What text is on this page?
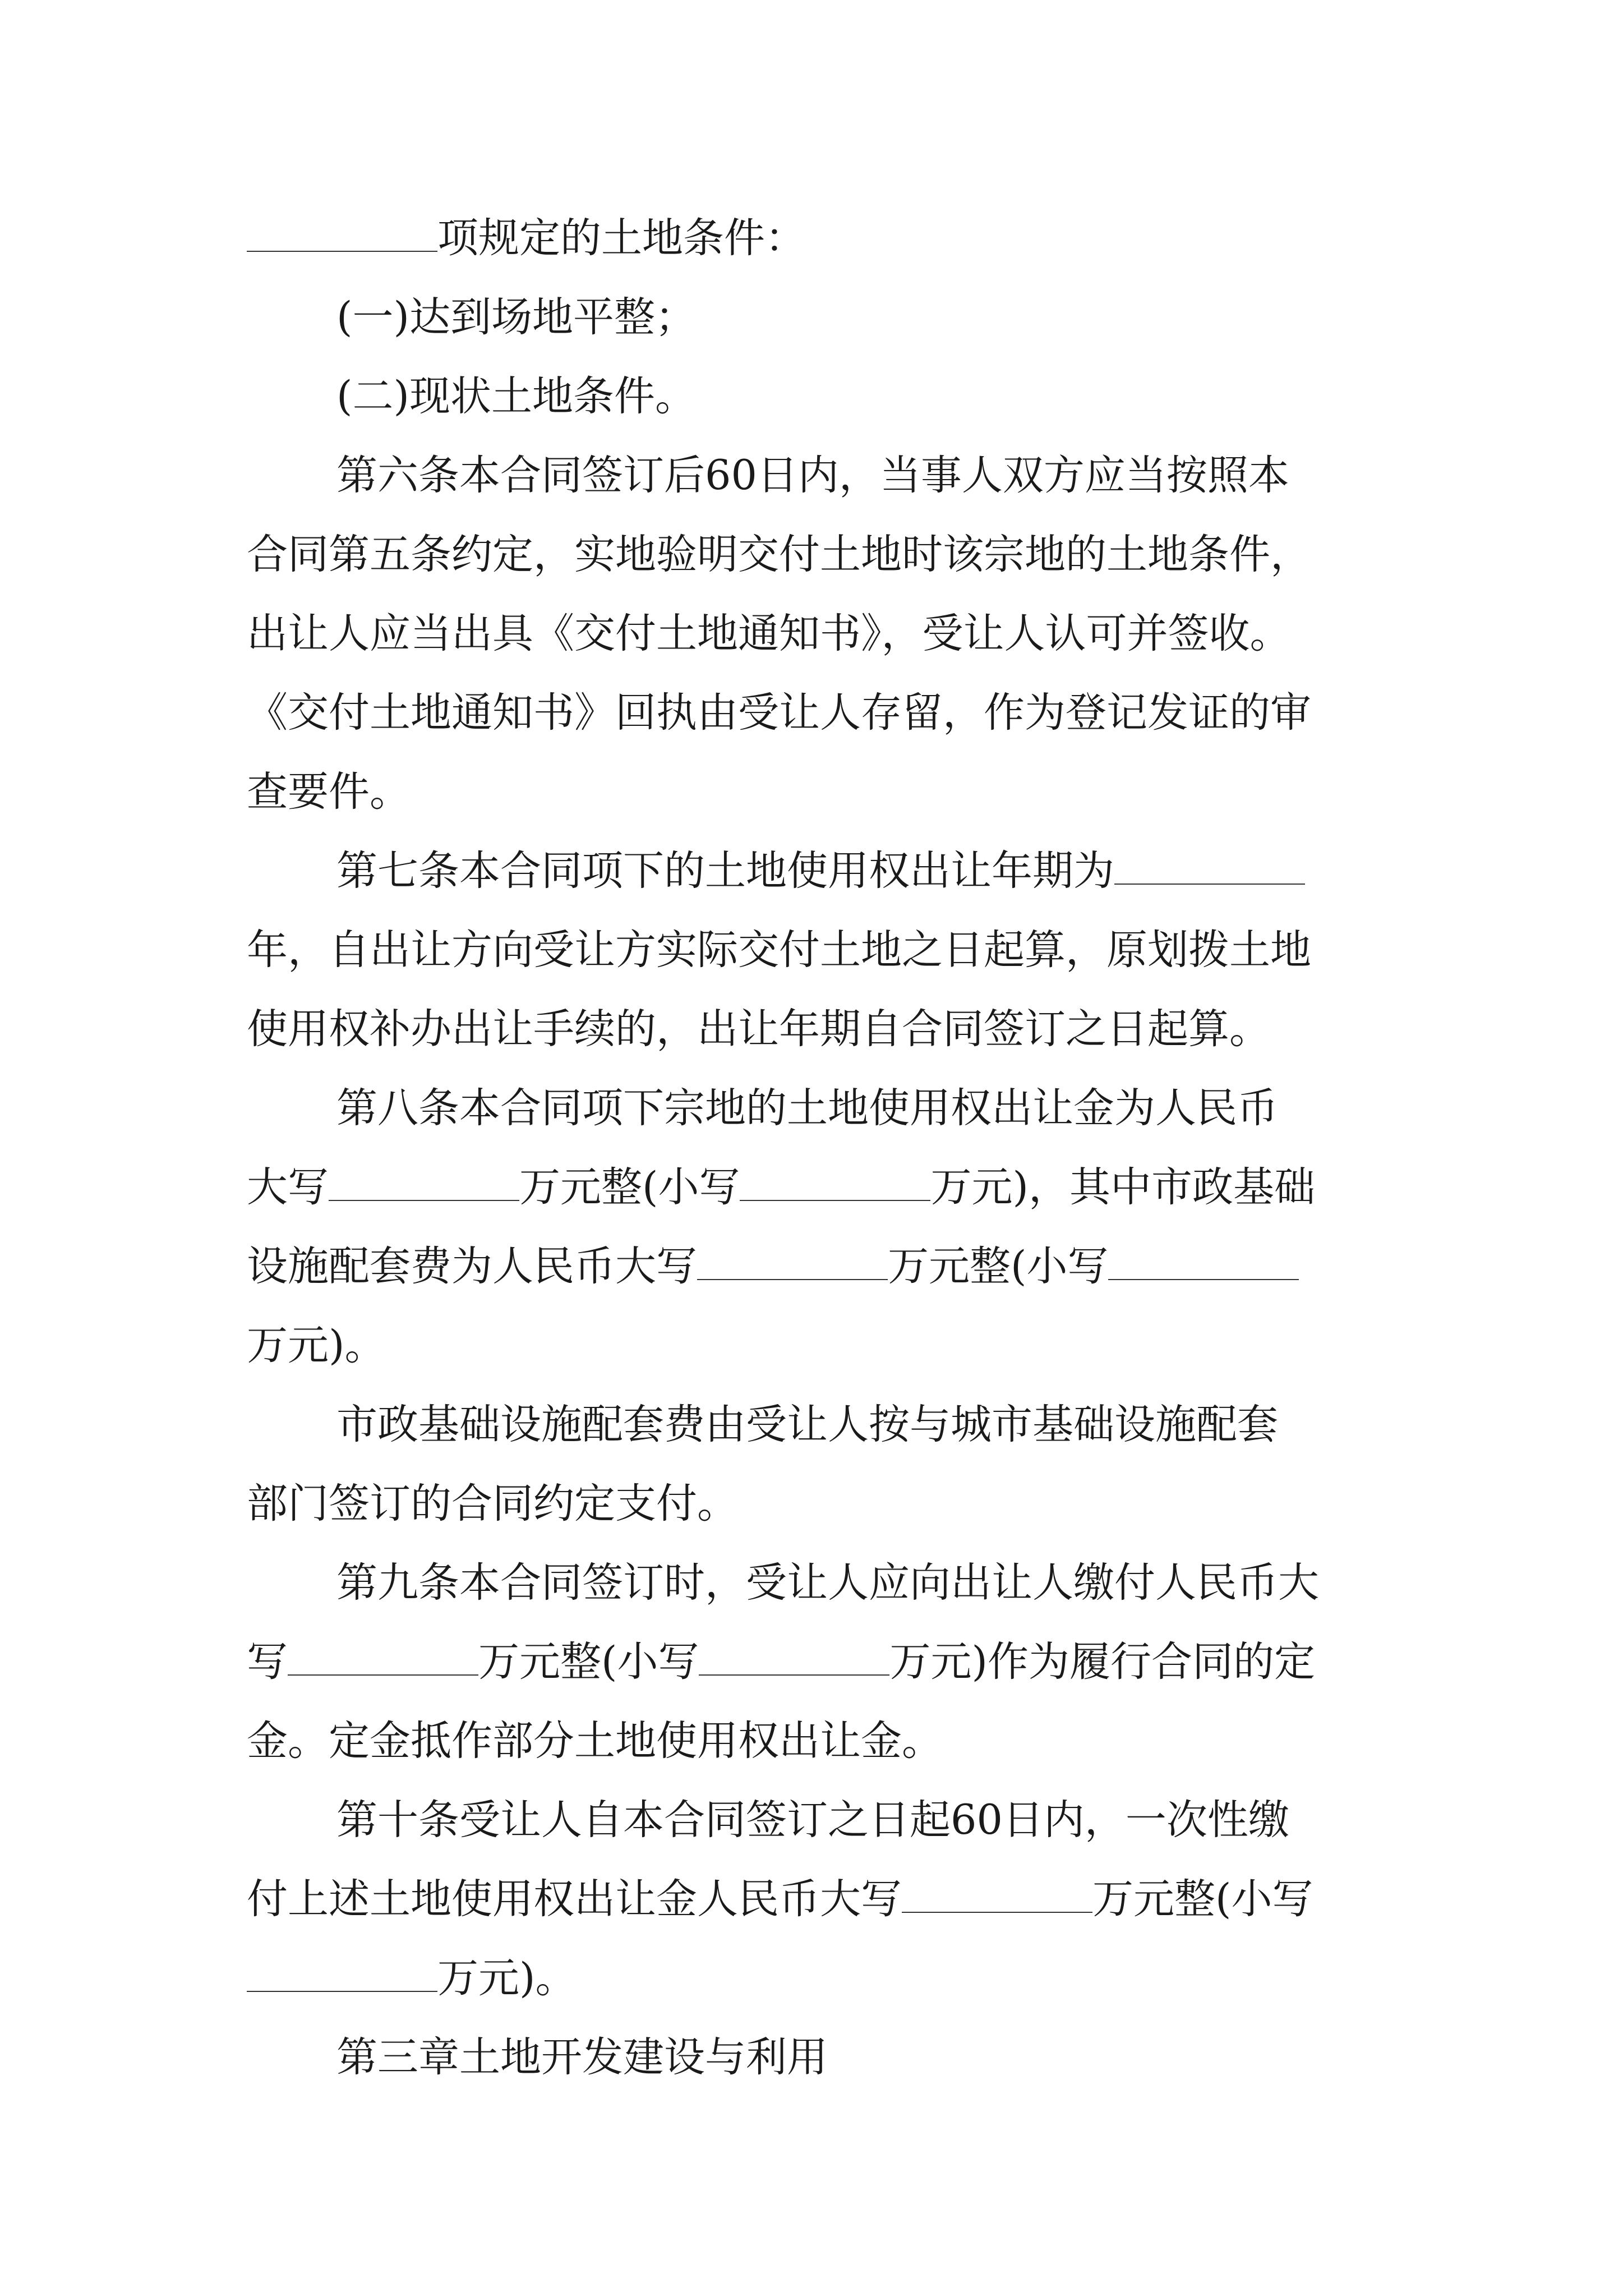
项规定的土地条件：
(一)达到场地平整；
(二)现状土地条件。
第六条本合同签订后60日内，当事人双方应当按照本
合同第五条约定，实地验明交付土地时该宗地的土地条件，
出让人应当出具《交付土地通知书》，受让人认可并签收。
《交付土地通知书》回执由受让人存留，作为登记发证的审
查要件。
第七条本合同项下的土地使用权出让年期为
年，自出让方向受让方实际交付土地之日起算，原划拨土地
使用权补办出让手续的，出让年期自合同签订之日起算。
第八条本合同项下宗地的土地使用权出让金为人民币
大写	万元整(小写	万元)，其中市政基础
设施配套费为人民币大写	万元整(小写
万元)。
市政基础设施配套费由受让人按与城市基础设施配套
部门签订的合同约定支付。
第九条本合同签订时，受让人应向出让人缴付人民币大
写	万元整(小写	万元)作为履行合同的定
金。定金抵作部分土地使用权出让金。
第十条受让人自本合同签订之日起60日内，一次性缴
付上述土地使用权出让金人民币大写	万元整(小写
万元)。
第三章土地开发建设与利用
